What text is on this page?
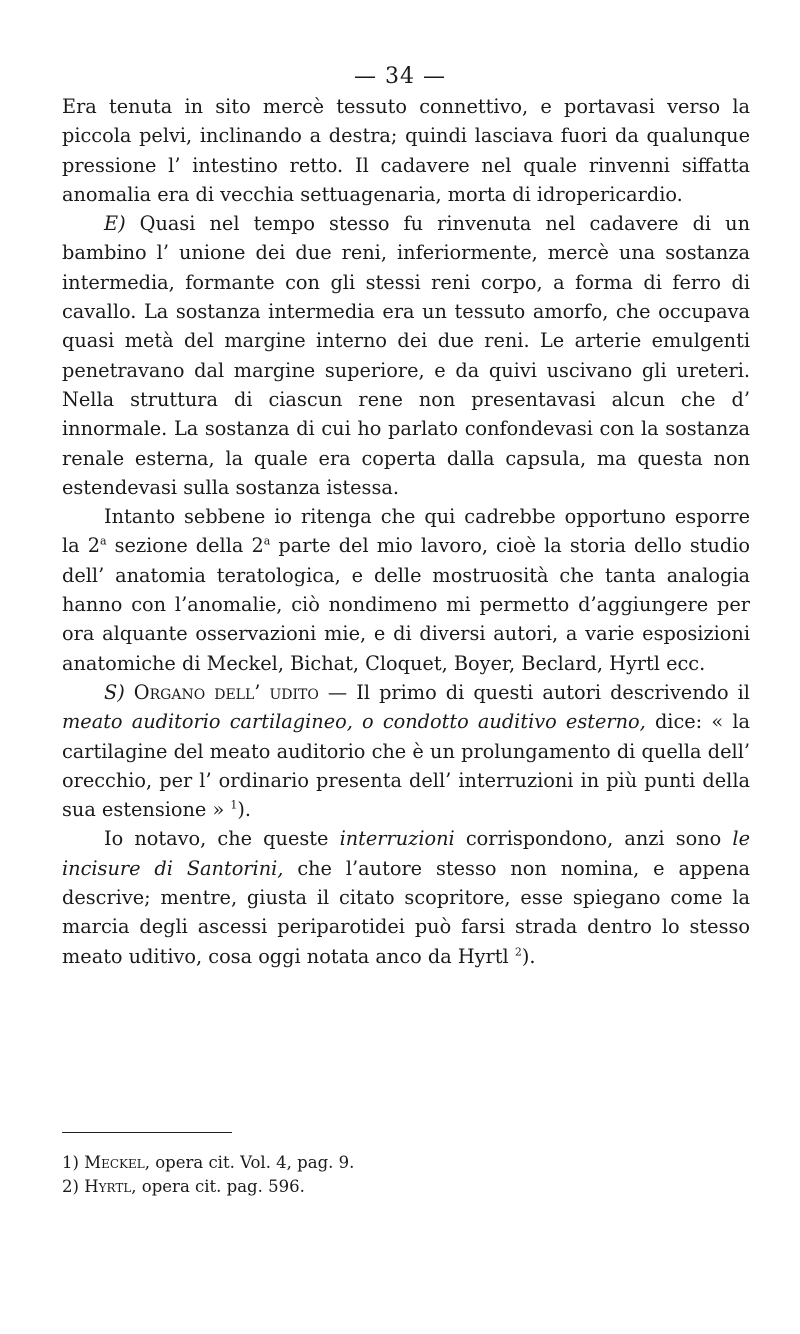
— 34 —

Era tenuta in sito mercè tessuto connettivo, e portavasi verso la piccola pelvi, inclinando a destra; quindi lasciava fuori da qualunque pressione l’ intestino retto. Il cadavere nel quale rinvenni siffatta anomalia era di vecchia settuagenaria, morta di idropericardio.

E) Quasi nel tempo stesso fu rinvenuta nel cadavere di un bambino l’ unione dei due reni, inferiormente, mercè una sostanza intermedia, formante con gli stessi reni corpo, a forma di ferro di cavallo. La sostanza intermedia era un tessuto amorfo, che occupava quasi metà del margine interno dei due reni. Le arterie emulgenti penetravano dal margine superiore, e da quivi uscivano gli ureteri. Nella struttura di ciascun rene non presentavasi alcun che d’ innormale. La sostanza di cui ho parlato confondevasi con la sostanza renale esterna, la quale era coperta dalla capsula, ma questa non estendevasi sulla sostanza istessa.

Intanto sebbene io ritenga che qui cadrebbe opportuno esporre la 2$^a$ sezione della 2$^a$ parte del mio lavoro, cioè la storia dello studio dell’ anatomia teratologica, e delle mostruosità che tanta analogia hanno con l’anomalie, ciò nondimeno mi permetto d’aggiungere per ora alquante osservazioni mie, e di diversi autori, a varie esposizioni anatomiche di Meckel, Bichat, Cloquet, Boyer, Beclard, Hyrtl ecc.

S) Organo dell’ udito — Il primo di questi autori descrivendo il meato auditorio cartilagineo, o condotto auditivo esterno, dice: « la cartilagine del meato auditorio che è un prolungamento di quella dell’ orecchio, per l’ ordinario presenta dell’ interruzioni in più punti della sua estensione » $^1$).

Io notavo, che queste interruzioni corrispondono, anzi sono le incisure di Santorini, che l’autore stesso non nomina, e appena descrive; mentre, giusta il citato scopritore, esse spiegano come la marcia degli ascessi periparotidei può farsi strada dentro lo stesso meato uditivo, cosa oggi notata anco da Hyrtl $^2$).

1) Meckel, opera cit. Vol. 4, pag. 9.
2) Hyrtl, opera cit. pag. 596.
